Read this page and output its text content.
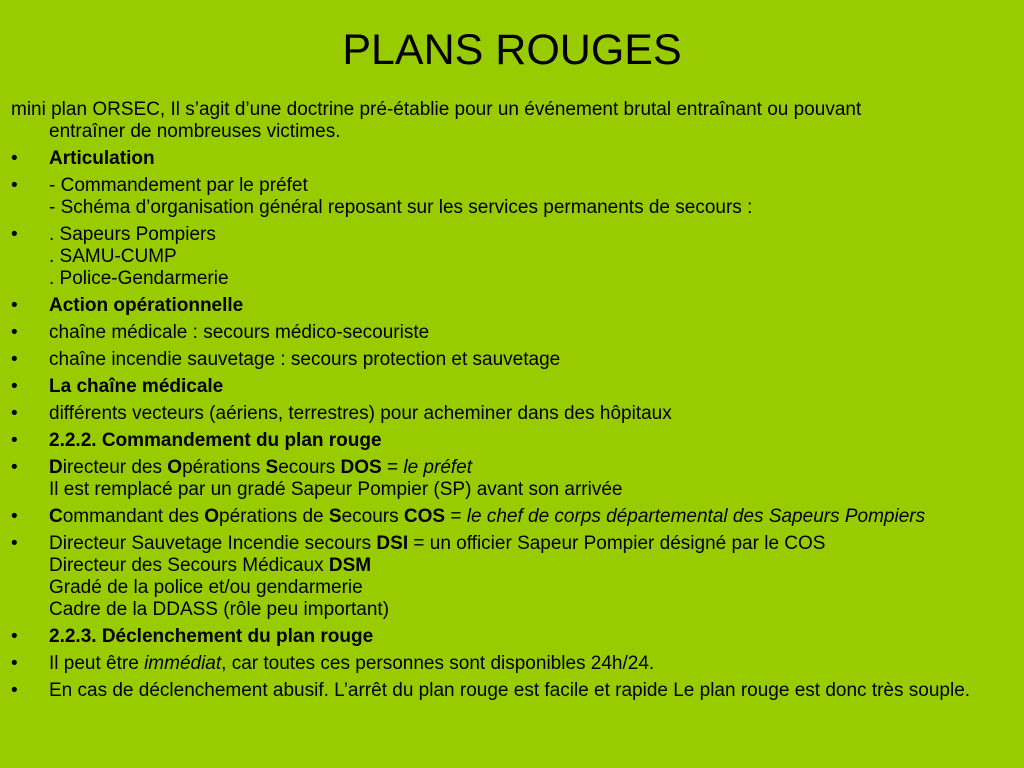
PLANS ROUGES
mini plan ORSEC, Il s’agit d’une doctrine pré-établie pour un événement brutal entraînant ou pouvant
entraîner de nombreuses victimes.
•	Articulation
•	- Commandement par le préfet
- Schéma d’organisation général reposant sur les services permanents de secours :
•	. Sapeurs Pompiers
. SAMU-CUMP
. Police-Gendarmerie
•	Action opérationnelle
•	chaîne médicale : secours médico-secouriste
•	chaîne incendie sauvetage : secours protection et sauvetage
•	La chaîne médicale
•	différents vecteurs (aériens, terrestres) pour acheminer dans des hôpitaux
•	2.2.2. Commandement du plan rouge
•	Directeur des Opérations Secours DOS = le préfet
Il est remplacé par un gradé Sapeur Pompier (SP) avant son arrivée
•	Commandant des Opérations de Secours COS = le chef de corps départemental des Sapeurs Pompiers
•	Directeur Sauvetage Incendie secours DSI = un officier Sapeur Pompier désigné par le COS
Directeur des Secours Médicaux DSM
Gradé de la police et/ou gendarmerie
Cadre de la DDASS (rôle peu important)
•	2.2.3. Déclenchement du plan rouge
•	Il peut être immédiat, car toutes ces personnes sont disponibles 24h/24.
•	En cas de déclenchement abusif. L’arrêt du plan rouge est facile et rapide Le plan rouge est donc très souple.
